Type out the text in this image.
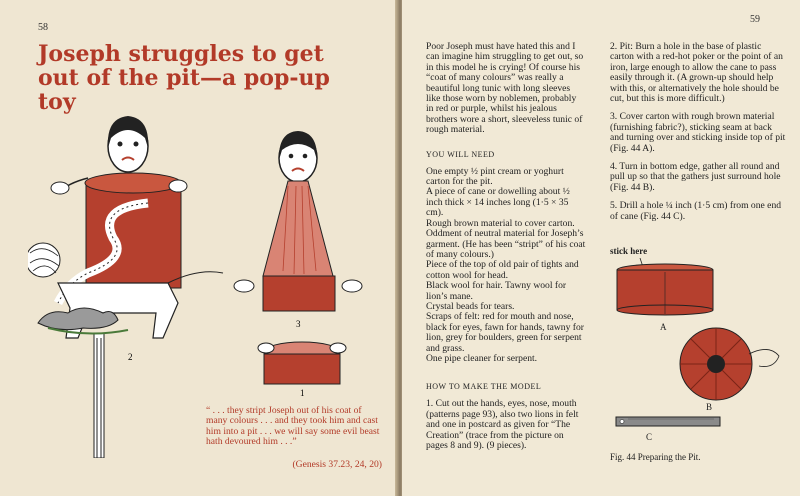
58
Joseph struggles to get out of the pit—a pop-up toy
2
3
1
“ . . . they stript Joseph out of his coat of many colours . . . and they took him and cast him into a pit . . . we will say some evil beast hath devoured him . . .”
(Genesis 37.23, 24, 20)
59
Poor Joseph must have hated this and I can imagine him struggling to get out, so in this model he is crying! Of course his “coat of many colours” was really a beautiful long tunic with long sleeves like those worn by noblemen, probably in red or purple, whilst his jealous brothers wore a short, sleeveless tunic of rough material.
YOU WILL NEED
One empty ½ pint cream or yoghurt carton for the pit.
A piece of cane or dowelling about ½ inch thick × 14 inches long (1·5 × 35 cm).
Rough brown material to cover carton.
Oddment of neutral material for Joseph’s garment. (He has been “stript” of his coat of many colours.)
Piece of the top of old pair of tights and cotton wool for head.
Black wool for hair. Tawny wool for lion’s mane.
Crystal beads for tears.
Scraps of felt: red for mouth and nose, black for eyes, fawn for hands, tawny for lion, grey for boulders, green for serpent and grass.
One pipe cleaner for serpent.
HOW TO MAKE THE MODEL
1. Cut out the hands, eyes, nose, mouth (patterns page 93), also two lions in felt and one in postcard as given for “The Creation” (trace from the picture on pages 8 and 9). (9 pieces).
2. Pit: Burn a hole in the base of plastic carton with a red-hot poker or the point of an iron, large enough to allow the cane to pass easily through it. (A grown-up should help with this, or alternatively the hole should be cut, but this is more difficult.)
3. Cover carton with rough brown material (furnishing fabric?), sticking seam at back and turning over and sticking inside top of pit (Fig. 44 A).
4. Turn in bottom edge, gather all round and pull up so that the gathers just surround hole (Fig. 44 B).
5. Drill a hole ¼ inch (1·5 cm) from one end of cane (Fig. 44 C).
stick here
A
B
C
Fig. 44 Preparing the Pit.
